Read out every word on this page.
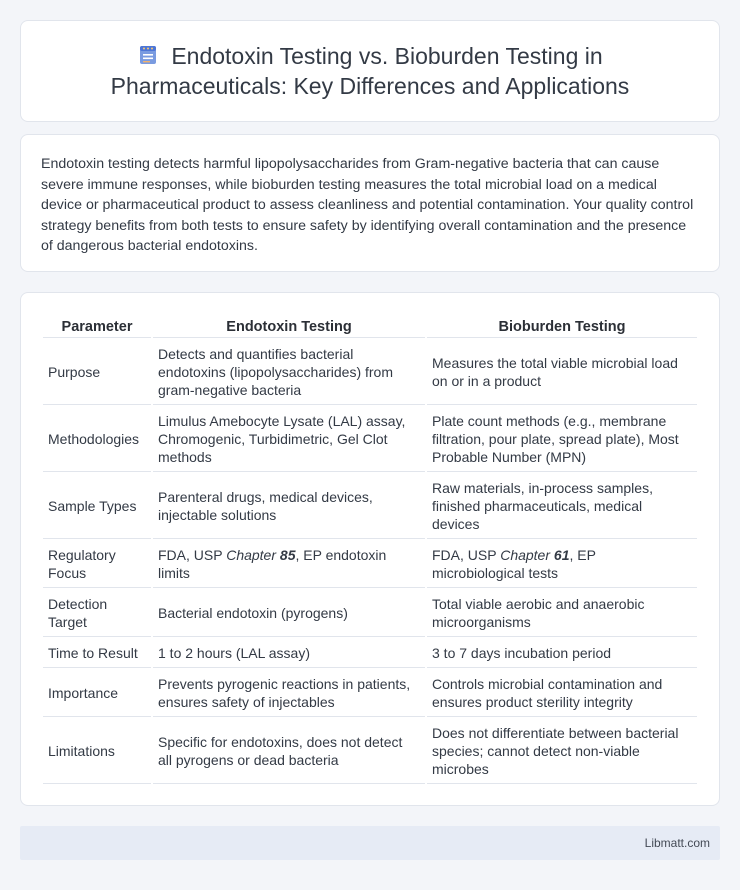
Endotoxin Testing vs. Bioburden Testing in Pharmaceuticals: Key Differences and Applications

Endotoxin testing detects harmful lipopolysaccharides from Gram-negative bacteria that can cause severe immune responses, while bioburden testing measures the total microbial load on a medical device or pharmaceutical product to assess cleanliness and potential contamination. Your quality control strategy benefits from both tests to ensure safety by identifying overall contamination and the presence of dangerous bacterial endotoxins.

Parameter	Endotoxin Testing	Bioburden Testing
Purpose	Detects and quantifies bacterial endotoxins (lipopolysaccharides) from gram-negative bacteria	Measures the total viable microbial load on or in a product
Methodologies	Limulus Amebocyte Lysate (LAL) assay, Chromogenic, Turbidimetric, Gel Clot methods	Plate count methods (e.g., membrane filtration, pour plate, spread plate), Most Probable Number (MPN)
Sample Types	Parenteral drugs, medical devices, injectable solutions	Raw materials, in-process samples, finished pharmaceuticals, medical devices
Regulatory Focus	FDA, USP Chapter 85, EP endotoxin limits	FDA, USP Chapter 61, EP microbiological tests
Detection Target	Bacterial endotoxin (pyrogens)	Total viable aerobic and anaerobic microorganisms
Time to Result	1 to 2 hours (LAL assay)	3 to 7 days incubation period
Importance	Prevents pyrogenic reactions in patients, ensures safety of injectables	Controls microbial contamination and ensures product sterility integrity
Limitations	Specific for endotoxins, does not detect all pyrogens or dead bacteria	Does not differentiate between bacterial species; cannot detect non-viable microbes
Libmatt.com
